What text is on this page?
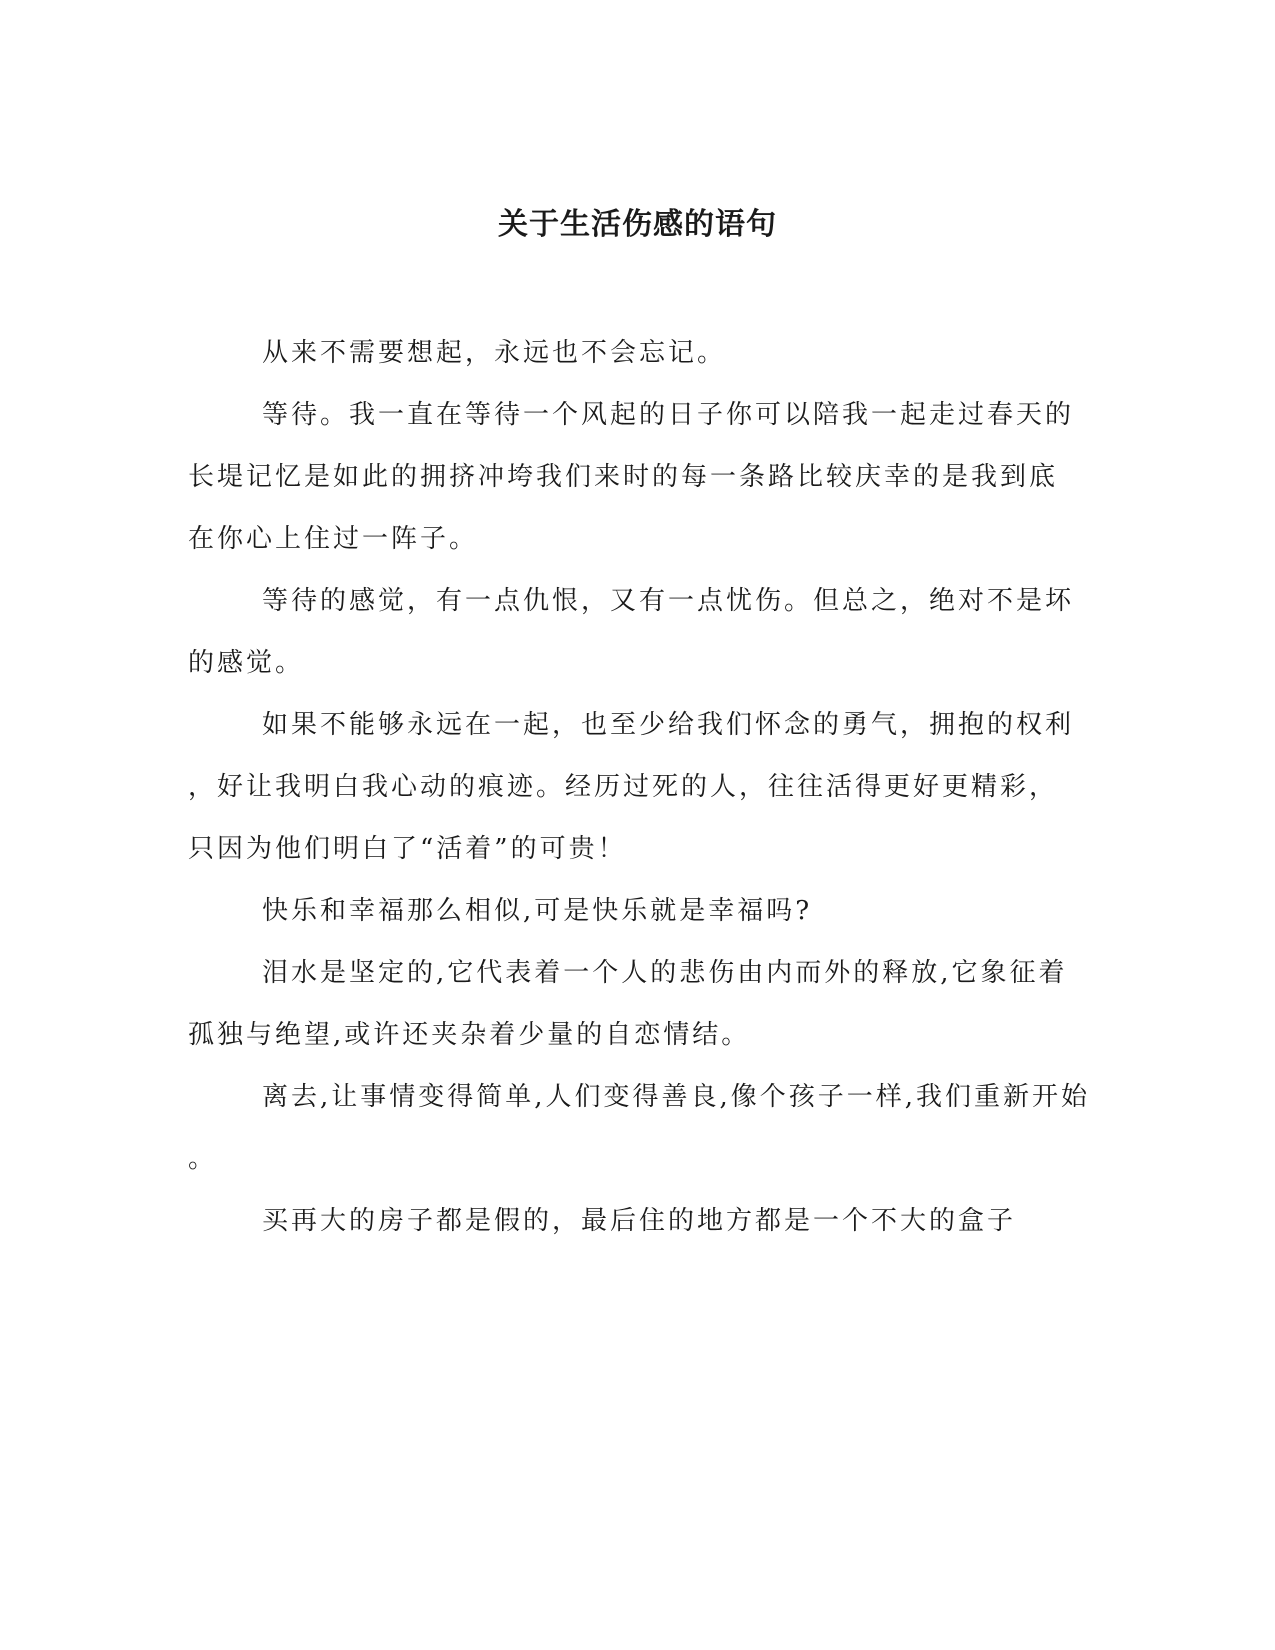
关于生活伤感的语句

从来不需要想起，永远也不会忘记。

等待。我一直在等待一个风起的日子你可以陪我一起走过春天的
长堤记忆是如此的拥挤冲垮我们来时的每一条路比较庆幸的是我到底
在你心上住过一阵子。

等待的感觉，有一点仇恨，又有一点忧伤。但总之，绝对不是坏
的感觉。

如果不能够永远在一起，也至少给我们怀念的勇气，拥抱的权利
，好让我明白我心动的痕迹。经历过死的人，往往活得更好更精彩，
只因为他们明白了“活着”的可贵！

快乐和幸福那么相似,可是快乐就是幸福吗?

泪水是坚定的,它代表着一个人的悲伤由内而外的释放,它象征着
孤独与绝望,或许还夹杂着少量的自恋情结。

离去,让事情变得简单,人们变得善良,像个孩子一样,我们重新开始
。

买再大的房子都是假的，最后住的地方都是一个不大的盒子
